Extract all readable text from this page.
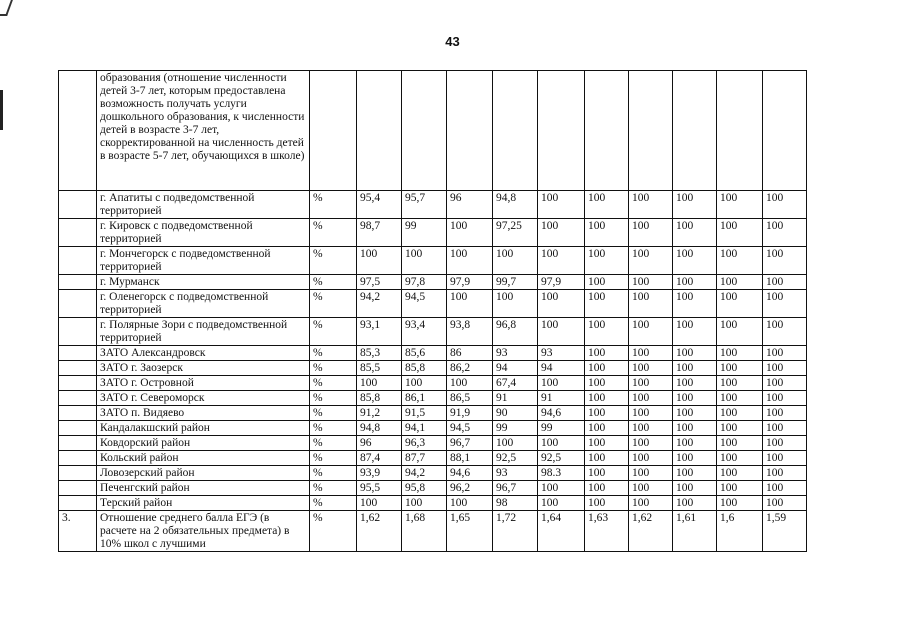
43
	образования (отношение численности детей 3-7 лет, которым предоставлена возможность получать услуги дошкольного образования, к численности детей в возрасте 3-7 лет, скорректированной на численность детей в возрасте 5-7 лет, обучающихся в школе)											
	г. Апатиты с подведомственной территорией	%	95,4	95,7	96	94,8	100	100	100	100	100	100
	г. Кировск с подведомственной территорией	%	98,7	99	100	97,25	100	100	100	100	100	100
	г. Мончегорск с подведомственной территорией	%	100	100	100	100	100	100	100	100	100	100
	г. Мурманск	%	97,5	97,8	97,9	99,7	97,9	100	100	100	100	100
	г. Оленегорск с подведомственной территорией	%	94,2	94,5	100	100	100	100	100	100	100	100
	г. Полярные Зори с подведомственной территорией	%	93,1	93,4	93,8	96,8	100	100	100	100	100	100
	ЗАТО Александровск	%	85,3	85,6	86	93	93	100	100	100	100	100
	ЗАТО г. Заозерск	%	85,5	85,8	86,2	94	94	100	100	100	100	100
	ЗАТО г. Островной	%	100	100	100	67,4	100	100	100	100	100	100
	ЗАТО г. Североморск	%	85,8	86,1	86,5	91	91	100	100	100	100	100
	ЗАТО п. Видяево	%	91,2	91,5	91,9	90	94,6	100	100	100	100	100
	Кандалакшский район	%	94,8	94,1	94,5	99	99	100	100	100	100	100
	Ковдорский район	%	96	96,3	96,7	100	100	100	100	100	100	100
	Кольский район	%	87,4	87,7	88,1	92,5	92,5	100	100	100	100	100
	Ловозерский район	%	93,9	94,2	94,6	93	98.3	100	100	100	100	100
	Печенгский район	%	95,5	95,8	96,2	96,7	100	100	100	100	100	100
	Терский район	%	100	100	100	98	100	100	100	100	100	100
3.	Отношение среднего балла ЕГЭ (в расчете на 2 обязательных предмета) в 10% школ с лучшими	%	1,62	1,68	1,65	1,72	1,64	1,63	1,62	1,61	1,6	1,59
